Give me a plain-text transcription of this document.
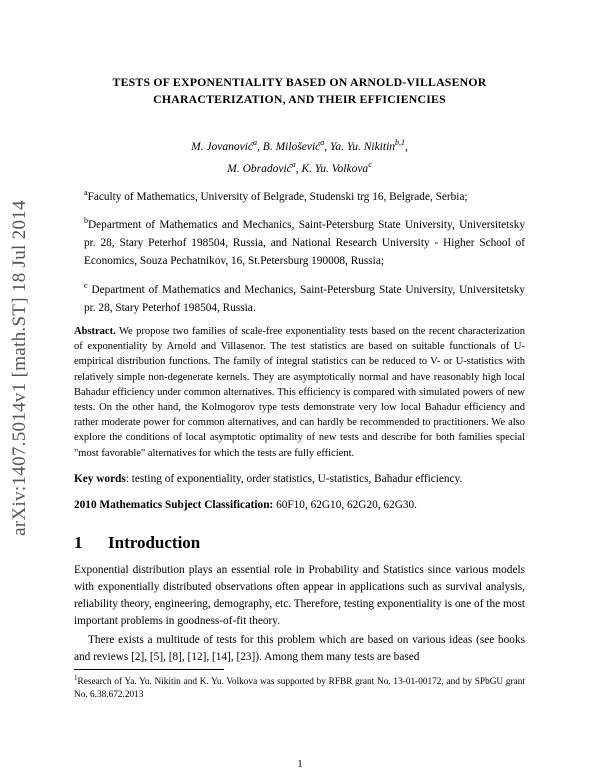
arXiv:1407.5014v1 [math.ST] 18 Jul 2014
TESTS OF EXPONENTIALITY BASED ON ARNOLD-VILLASENOR
CHARACTERIZATION, AND THEIR EFFICIENCIES
M. Jovanović$^a$, B. Milošević$^a$, Ya. Yu. Nikitin$^{b,1}$,
M. Obradović$^a$, K. Yu. Volkova$^c$

$^a$Faculty of Mathematics, University of Belgrade, Studenski trg 16, Belgrade, Serbia;

$^b$Department of Mathematics and Mechanics, Saint-Petersburg State University, Universitetsky pr. 28, Stary Peterhof 198504, Russia, and National Research University - Higher School of Economics, Souza Pechatnikov, 16, St.Petersburg 190008, Russia;

$^c$ Department of Mathematics and Mechanics, Saint-Petersburg State University, Universitetsky pr. 28, Stary Peterhof 198504, Russia.

Abstract. We propose two families of scale-free exponentiality tests based on the recent characterization of exponentiality by Arnold and Villasenor. The test statistics are based on suitable functionals of U-empirical distribution functions. The family of integral statistics can be reduced to V- or U-statistics with relatively simple non-degenerate kernels. They are asymptotically normal and have reasonably high local Bahadur efficiency under common alternatives. This efficiency is compared with simulated powers of new tests. On the other hand, the Kolmogorov type tests demonstrate very low local Bahadur efficiency and rather moderate power for common alternatives, and can hardly be recommended to practitioners. We also explore the conditions of local asymptotic optimality of new tests and describe for both families special "most favorable" alternatives for which the tests are fully efficient.
Key words: testing of exponentiality, order statistics, U-statistics, Bahadur efficiency.
2010 Mathematics Subject Classification: 60F10, 62G10, 62G20, 62G30.
1 Introduction

Exponential distribution plays an essential role in Probability and Statistics since various models with exponentially distributed observations often appear in applications such as survival analysis, reliability theory, engineering, demography, etc. Therefore, testing exponentiality is one of the most important problems in goodness-of-fit theory.

There exists a multitude of tests for this problem which are based on various ideas (see books and reviews [2], [5], [8], [12], [14], [23]). Among them many tests are based

$^1$Research of Ya. Yu. Nikitin and K. Yu. Volkova was supported by RFBR grant No. 13-01-00172, and by SPbGU grant No. 6.38.672.2013
1
